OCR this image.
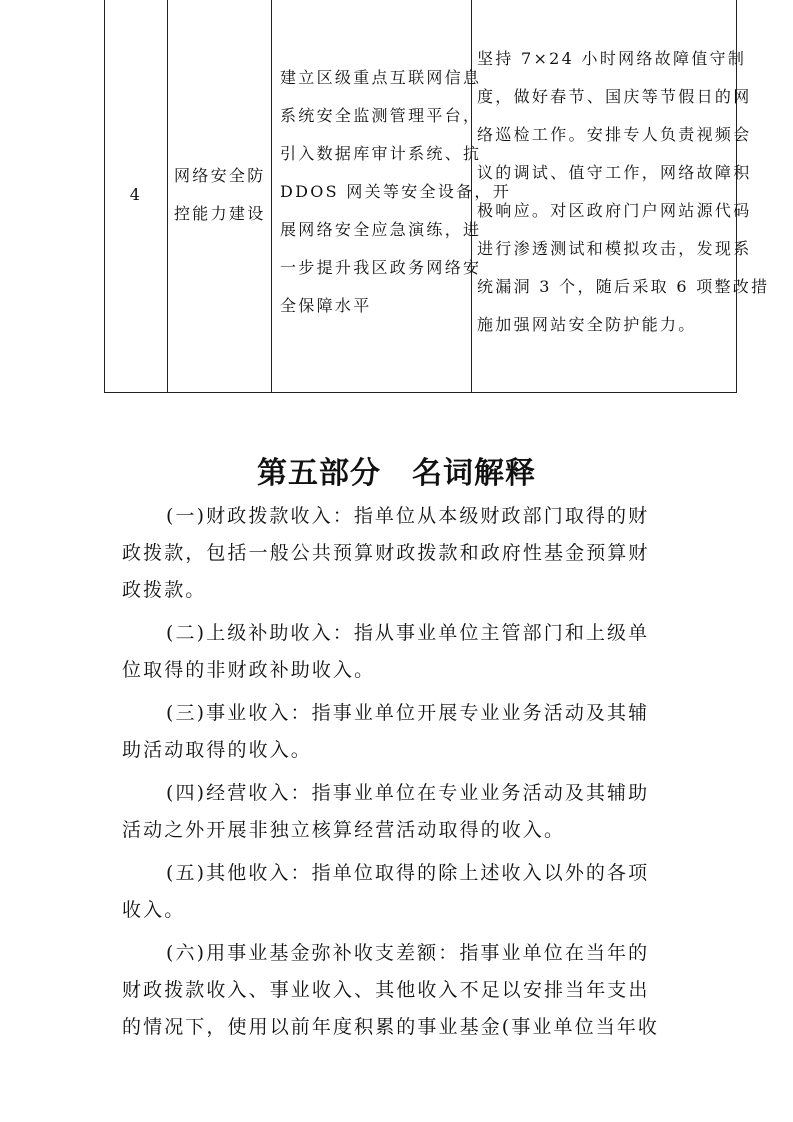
4
网络安全防
控能力建设
建立区级重点互联网信息
系统安全监测管理平台，
引入数据库审计系统、抗
DDOS 网关等安全设备，开
展网络安全应急演练，进
一步提升我区政务网络安
全保障水平
坚持 7×24 小时网络故障值守制
度，做好春节、国庆等节假日的网
络巡检工作。安排专人负责视频会
议的调试、值守工作，网络故障积
极响应。对区政府门户网站源代码
进行渗透测试和模拟攻击，发现系
统漏洞 3 个，随后采取 6 项整改措
施加强网站安全防护能力。
第五部分　名词解释
(一)财政拨款收入：指单位从本级财政部门取得的财
政拨款，包括一般公共预算财政拨款和政府性基金预算财
政拨款。
(二)上级补助收入：指从事业单位主管部门和上级单
位取得的非财政补助收入。
(三)事业收入：指事业单位开展专业业务活动及其辅
助活动取得的收入。
(四)经营收入：指事业单位在专业业务活动及其辅助
活动之外开展非独立核算经营活动取得的收入。
(五)其他收入：指单位取得的除上述收入以外的各项
收入。
(六)用事业基金弥补收支差额：指事业单位在当年的
财政拨款收入、事业收入、其他收入不足以安排当年支出
的情况下，使用以前年度积累的事业基金(事业单位当年收
